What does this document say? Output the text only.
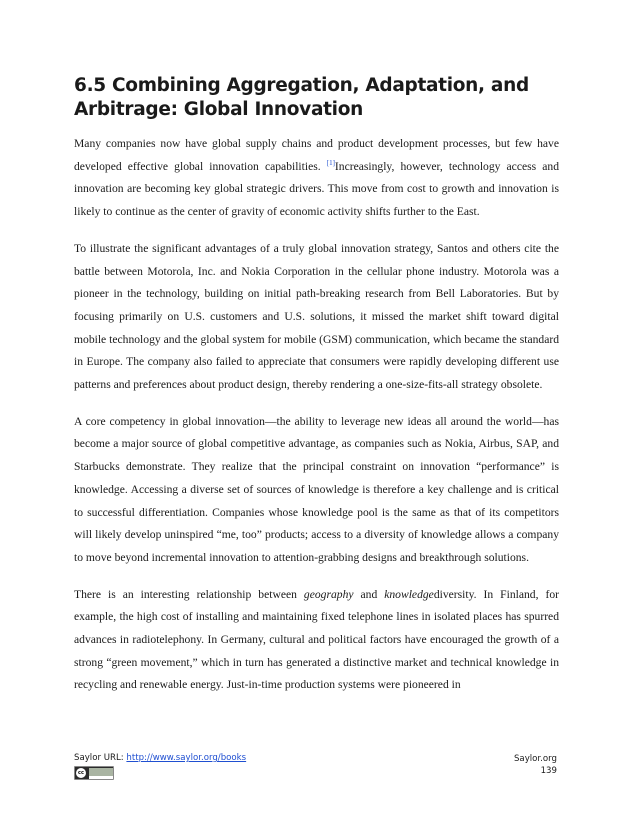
6.5 Combining Aggregation, Adaptation, and Arbitrage: Global Innovation

Many companies now have global supply chains and product development processes, but few have developed effective global innovation capabilities. [1]Increasingly, however, technology access and innovation are becoming key global strategic drivers. This move from cost to growth and innovation is likely to continue as the center of gravity of economic activity shifts further to the East.

To illustrate the significant advantages of a truly global innovation strategy, Santos and others cite the battle between Motorola, Inc. and Nokia Corporation in the cellular phone industry. Motorola was a pioneer in the technology, building on initial path-breaking research from Bell Laboratories. But by focusing primarily on U.S. customers and U.S. solutions, it missed the market shift toward digital mobile technology and the global system for mobile (GSM) communication, which became the standard in Europe. The company also failed to appreciate that consumers were rapidly developing different use patterns and preferences about product design, thereby rendering a one-size-fits-all strategy obsolete.

A core competency in global innovation—the ability to leverage new ideas all around the world—has become a major source of global competitive advantage, as companies such as Nokia, Airbus, SAP, and Starbucks demonstrate. They realize that the principal constraint on innovation “performance” is knowledge. Accessing a diverse set of sources of knowledge is therefore a key challenge and is critical to successful differentiation. Companies whose knowledge pool is the same as that of its competitors will likely develop uninspired “me, too” products; access to a diversity of knowledge allows a company to move beyond incremental innovation to attention-grabbing designs and breakthrough solutions.

There is an interesting relationship between geography and knowledgediversity. In Finland, for example, the high cost of installing and maintaining fixed telephone lines in isolated places has spurred advances in radiotelephony. In Germany, cultural and political factors have encouraged the growth of a strong “green movement,” which in turn has generated a distinctive market and technical knowledge in recycling and renewable energy. Just-in-time production systems were pioneered in

Saylor URL: http://www.saylor.org/books
cc
Saylor.org
139
